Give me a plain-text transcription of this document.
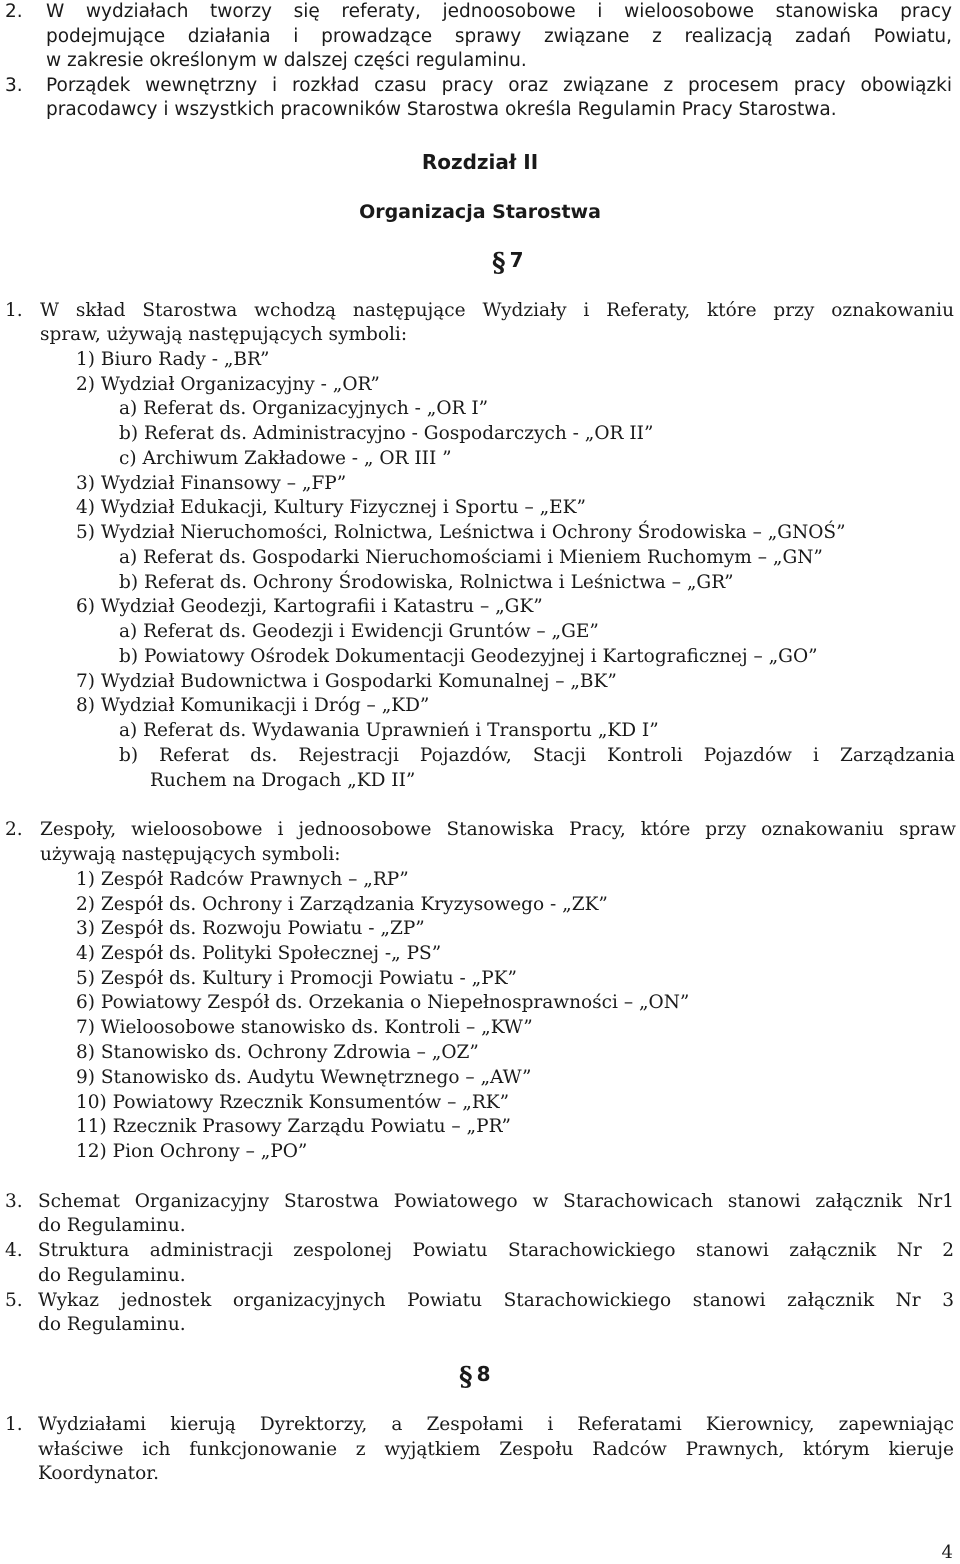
2. W wydziałach tworzy się referaty, jednoosobowe i wieloosobowe stanowiska pracy
podejmujące działania i prowadzące sprawy związane z realizacją zadań Powiatu,
w zakresie określonym w dalszej części regulaminu.
3. Porządek wewnętrzny i rozkład czasu pracy oraz związane z procesem pracy obowiązki
pracodawcy i wszystkich pracowników Starostwa określa Regulamin Pracy Starostwa.
Rozdział II
Organizacja Starostwa
§ 7
1. W skład Starostwa wchodzą następujące Wydziały i Referaty, które przy oznakowaniu
spraw, używają następujących symboli:
1) Biuro Rady - „BR”
2) Wydział Organizacyjny - „OR”
a) Referat ds. Organizacyjnych - „OR I”
b) Referat ds. Administracyjno - Gospodarczych - „OR II”
c) Archiwum Zakładowe - „ OR III ”
3) Wydział Finansowy – „FP”
4) Wydział Edukacji, Kultury Fizycznej i Sportu – „EK”
5) Wydział Nieruchomości, Rolnictwa, Leśnictwa i Ochrony Środowiska – „GNOŚ”
a) Referat ds. Gospodarki Nieruchomościami i Mieniem Ruchomym – „GN”
b) Referat ds. Ochrony Środowiska, Rolnictwa i Leśnictwa – „GR”
6) Wydział Geodezji, Kartografii i Katastru – „GK”
a) Referat ds. Geodezji i Ewidencji Gruntów – „GE”
b) Powiatowy Ośrodek Dokumentacji Geodezyjnej i Kartograficznej – „GO”
7) Wydział Budownictwa i Gospodarki Komunalnej – „BK”
8) Wydział Komunikacji i Dróg – „KD”
a) Referat ds. Wydawania Uprawnień i Transportu „KD I”
b) Referat ds. Rejestracji Pojazdów, Stacji Kontroli Pojazdów i Zarządzania
Ruchem na Drogach „KD II”
2. Zespoły, wieloosobowe i jednoosobowe Stanowiska Pracy, które przy oznakowaniu spraw
używają następujących symboli:
1) Zespół Radców Prawnych – „RP”
2) Zespół ds. Ochrony i Zarządzania Kryzysowego - „ZK”
3) Zespół ds. Rozwoju Powiatu - „ZP”
4) Zespół ds. Polityki Społecznej -„ PS”
5) Zespół ds. Kultury i Promocji Powiatu - „PK”
6) Powiatowy Zespół ds. Orzekania o Niepełnosprawności – „ON”
7) Wieloosobowe stanowisko ds. Kontroli – „KW”
8) Stanowisko ds. Ochrony Zdrowia – „OZ”
9) Stanowisko ds. Audytu Wewnętrznego – „AW”
10) Powiatowy Rzecznik Konsumentów – „RK”
11) Rzecznik Prasowy Zarządu Powiatu – „PR”
12) Pion Ochrony – „PO”
3. Schemat Organizacyjny Starostwa Powiatowego w Starachowicach stanowi załącznik Nr1
do Regulaminu.
4. Struktura administracji zespolonej Powiatu Starachowickiego stanowi załącznik Nr 2
do Regulaminu.
5. Wykaz jednostek organizacyjnych Powiatu Starachowickiego stanowi załącznik Nr 3
do Regulaminu.
§ 8
1. Wydziałami kierują Dyrektorzy, a Zespołami i Referatami Kierownicy, zapewniając
właściwe ich funkcjonowanie z wyjątkiem Zespołu Radców Prawnych, którym kieruje
Koordynator.
4
